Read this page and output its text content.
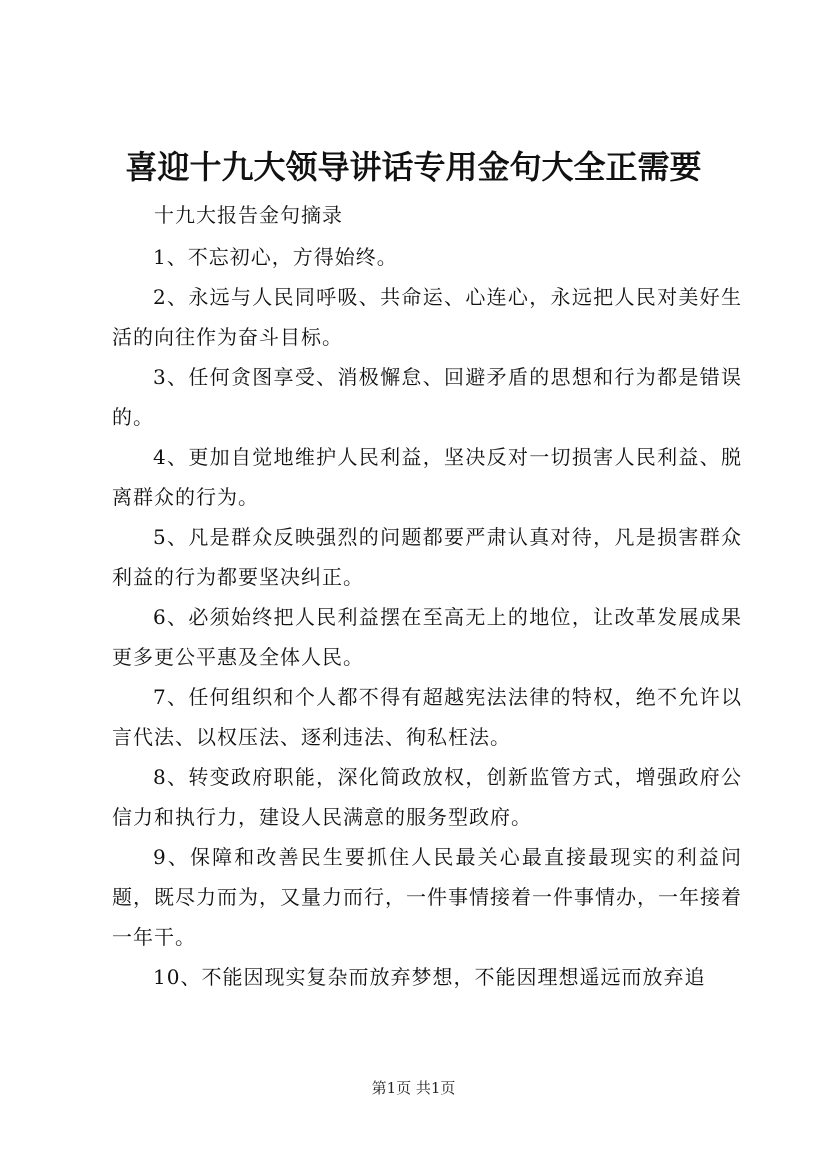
喜迎十九大领导讲话专用金句大全正需要
十九大报告金句摘录

1、不忘初心，方得始终。

2、永远与人民同呼吸、共命运、心连心，永远把人民对美好生活的向往作为奋斗目标。

3、任何贪图享受、消极懈怠、回避矛盾的思想和行为都是错误的。

4、更加自觉地维护人民利益，坚决反对一切损害人民利益、脱离群众的行为。

5、凡是群众反映强烈的问题都要严肃认真对待，凡是损害群众利益的行为都要坚决纠正。

6、必须始终把人民利益摆在至高无上的地位，让改革发展成果更多更公平惠及全体人民。

7、任何组织和个人都不得有超越宪法法律的特权，绝不允许以言代法、以权压法、逐利违法、徇私枉法。

8、转变政府职能，深化简政放权，创新监管方式，增强政府公信力和执行力，建设人民满意的服务型政府。

9、保障和改善民生要抓住人民最关心最直接最现实的利益问题，既尽力而为，又量力而行，一件事情接着一件事情办，一年接着一年干。

10、不能因现实复杂而放弃梦想，不能因理想遥远而放弃追

第1页 共1页
